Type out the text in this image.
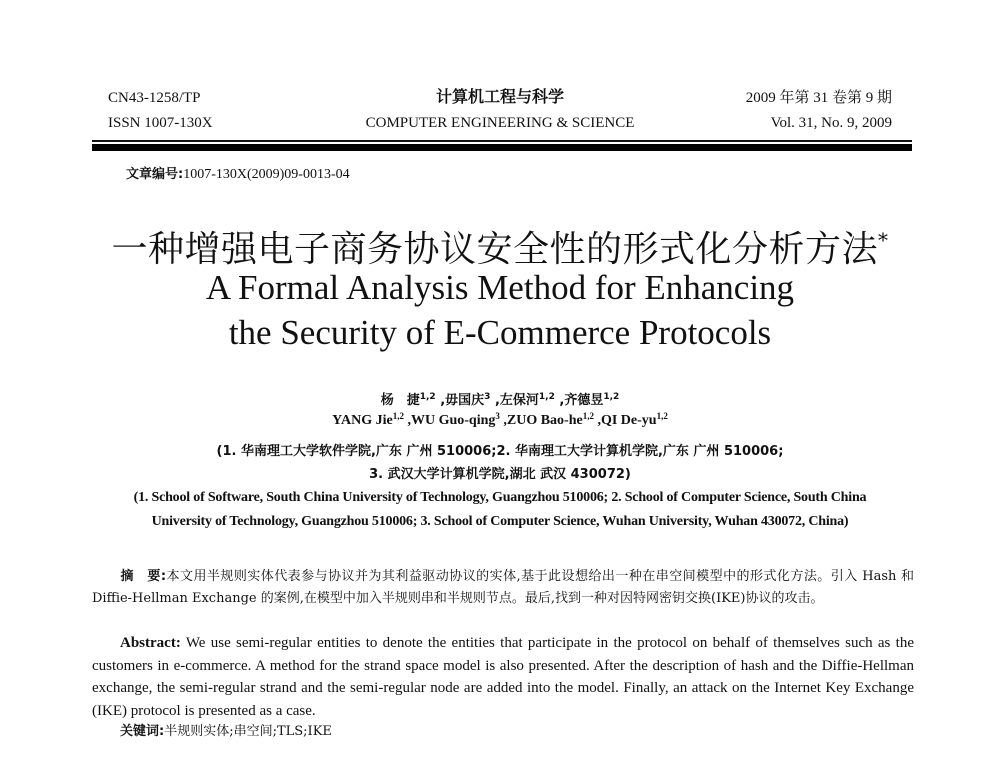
CN43-1258/TP
ISSN 1007-130X
计算机工程与科学
COMPUTER ENGINEERING & SCIENCE
2009 年第 31 卷第 9 期
Vol. 31, No. 9, 2009
文章编号:1007-130X(2009)09-0013-04
一种增强电子商务协议安全性的形式化分析方法*
A Formal Analysis Method for Enhancing
the Security of E-Commerce Protocols
杨　捷$^{1,2}$ ,毋国庆$^3$ ,左保河$^{1,2}$ ,齐德昱$^{1,2}$
YANG Jie$^{1,2}$ ,WU Guo-qing$^3$ ,ZUO Bao-he$^{1,2}$ ,QI De-yu$^{1,2}$
(1. 华南理工大学软件学院,广东 广州 510006;2. 华南理工大学计算机学院,广东 广州 510006;
3. 武汉大学计算机学院,湖北 武汉 430072)
(1. School of Software, South China University of Technology, Guangzhou 510006; 2. School of Computer Science, South China
University of Technology, Guangzhou 510006; 3. School of Computer Science, Wuhan University, Wuhan 430072, China)
摘　要:本文用半规则实体代表参与协议并为其利益驱动协议的实体,基于此设想给出一种在串空间模型中的形式化方法。引入 Hash 和 Diffie-Hellman Exchange 的案例,在模型中加入半规则串和半规则节点。最后,找到一种对因特网密钥交换(IKE)协议的攻击。
Abstract: We use semi-regular entities to denote the entities that participate in the protocol on behalf of themselves such as the customers in e-commerce. A method for the strand space model is also presented. After the description of hash and the Diffie-Hellman exchange, the semi-regular strand and the semi-regular node are added into the model. Finally, an attack on the Internet Key Exchange (IKE) protocol is presented as a case.
关键词:半规则实体;串空间;TLS;IKE
